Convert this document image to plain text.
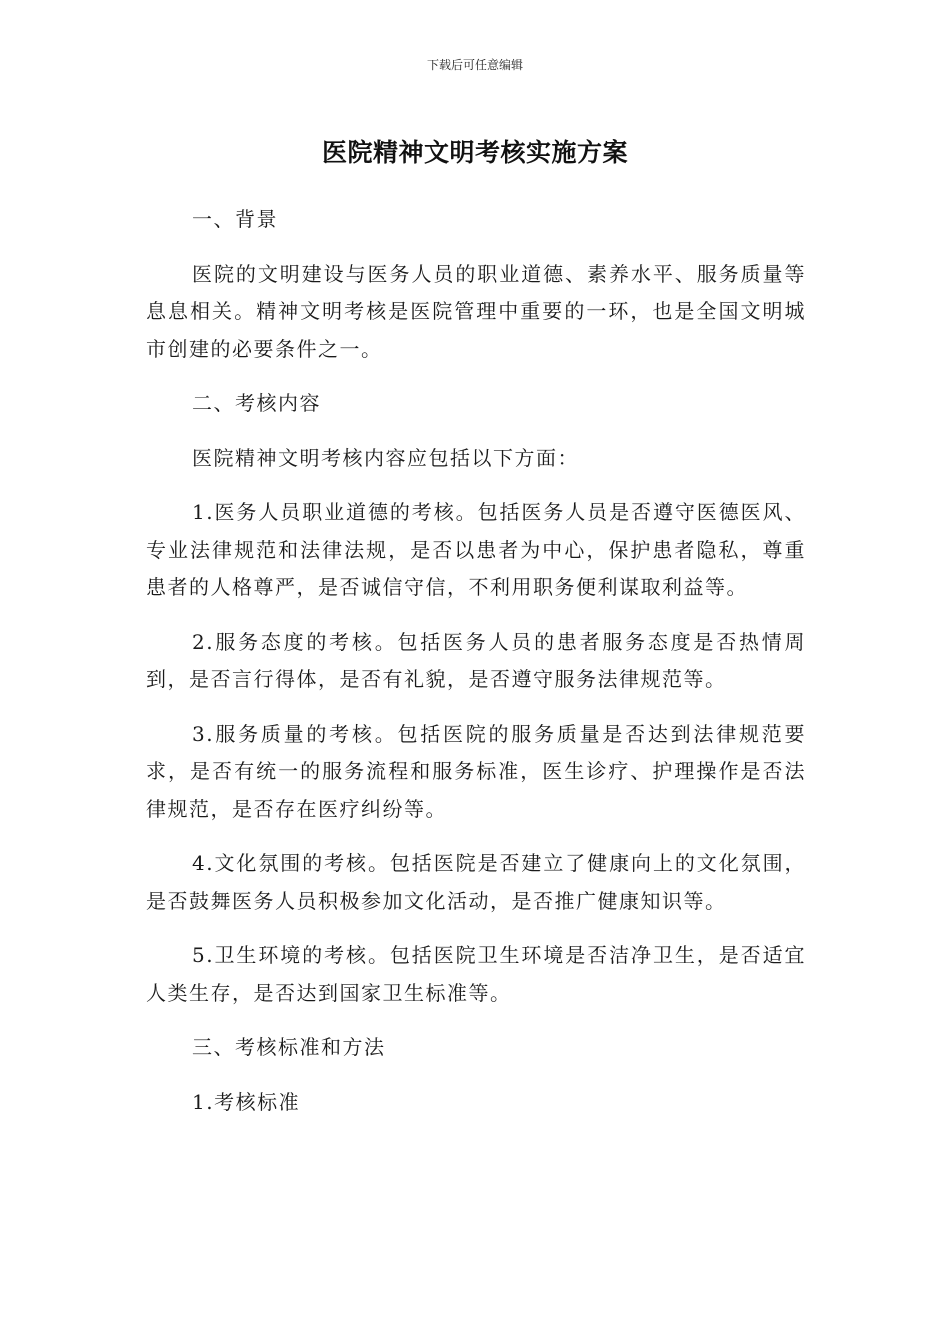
下载后可任意编辑
医院精神文明考核实施方案

一、背景

医院的文明建设与医务人员的职业道德、素养水平、服务质量等息息相关。精神文明考核是医院管理中重要的一环，也是全国文明城市创建的必要条件之一。

二、考核内容

医院精神文明考核内容应包括以下方面：

1.医务人员职业道德的考核。包括医务人员是否遵守医德医风、专业法律规范和法律法规，是否以患者为中心，保护患者隐私，尊重患者的人格尊严，是否诚信守信，不利用职务便利谋取利益等。

2.服务态度的考核。包括医务人员的患者服务态度是否热情周到，是否言行得体，是否有礼貌，是否遵守服务法律规范等。

3.服务质量的考核。包括医院的服务质量是否达到法律规范要求，是否有统一的服务流程和服务标准，医生诊疗、护理操作是否法律规范，是否存在医疗纠纷等。

4.文化氛围的考核。包括医院是否建立了健康向上的文化氛围，是否鼓舞医务人员积极参加文化活动，是否推广健康知识等。

5.卫生环境的考核。包括医院卫生环境是否洁净卫生，是否适宜人类生存，是否达到国家卫生标准等。

三、考核标准和方法

1.考核标准
